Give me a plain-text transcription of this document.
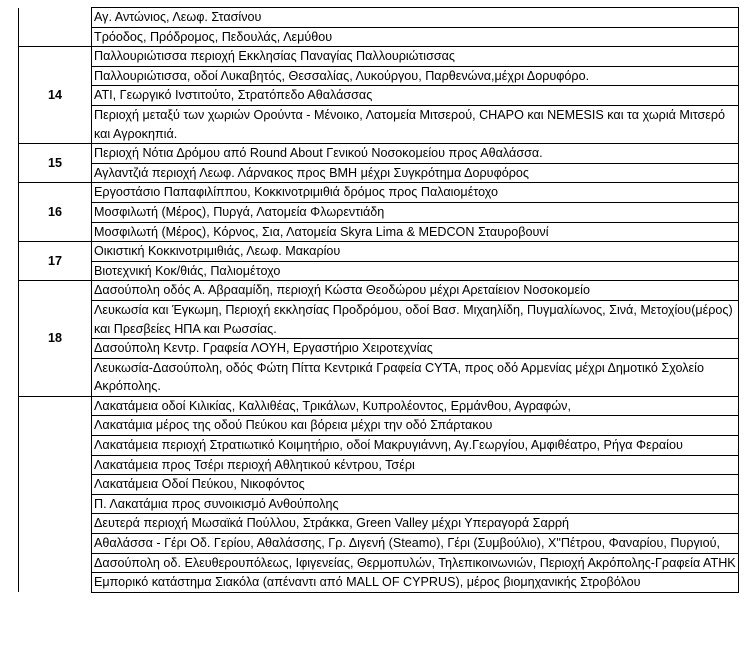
	Αγ. Αντώνιος, Λεωφ. Στασίνου
	Τρόοδος, Πρόδρομος, Πεδουλάς, Λεμύθου
14	Παλλουριώτισσα περιοχή Εκκλησίας Παναγίας Παλλουριώτισσας
	Παλλουριώτισσα, οδοί Λυκαβητός, Θεσσαλίας, Λυκούργου, Παρθενώνα,μέχρι Δορυφόρο.
	ΑΤΙ, Γεωργικό Ινστιτούτο, Στρατόπεδο Αθαλάσσας
	Περιοχή μεταξύ των χωριών Ορούντα - Μένοικο, Λατομεία Μιτσερού, CHAPO και NEMESIS και τα χωριά Μιτσερό και Αγροκηπιά.
15	Περιοχή Νότια Δρόμου από Round About Γενικού Νοσοκομείου προς Αθαλάσσα.
	Αγλαντζιά περιοχή Λεωφ. Λάρνακος προς ΒΜΗ μέχρι Συγκρότημα Δορυφόρος
16	Εργοστάσιο Παπαφιλίππου, Κοκκινοτριμιθιά δρόμος προς Παλαιομέτοχο
	Μοσφιλωτή (Μέρος), Πυργά, Λατομεία Φλωρεντιάδη
	Μοσφιλωτή (Μέρος), Κόρνος, Σια, Λατομεία Skyra Lima & MEDCON Σταυροβουνί
17	Οικιστική Κοκκινοτριμιθιάς, Λεωφ. Μακαρίου
	Βιοτεχνική Κοκ/θιάς, Παλιομέτοχο
18	Δασούπολη οδός Α. Αβρααμίδη, περιοχή Κώστα Θεοδώρου μέχρι Αρεταίειον Νοσοκομείο
	Λευκωσία και Έγκωμη, Περιοχή εκκλησίας Προδρόμου, οδοί Βασ. Μιχαηλίδη, Πυγμαλίωνος, Σινά, Μετοχίου(μέρος) και Πρεσβείες ΗΠΑ και Ρωσσίας.
	Δασούπολη Κεντρ. Γραφεία ΛΟΥΗ, Εργαστήριο Χειροτεχνίας
	Λευκωσία-Δασούπολη, οδός Φώτη Πίττα Κεντρικά Γραφεία CYTA, προς οδό Αρμενίας μέχρι Δημοτικό Σχολείο Ακρόπολης.
	Λακατάμεια οδοί Κιλικίας, Καλλιθέας, Τρικάλων, Κυπρολέοντος, Ερμάνθου, Αγραφών,
	Λακατάμια μέρος της οδού Πεύκου και βόρεια μέχρι την οδό Σπάρτακου
	Λακατάμεια περιοχή Στρατιωτικό Κοιμητήριο, οδοί Μακρυγιάννη, Αγ.Γεωργίου, Αμφιθέατρο, Ρήγα Φεραίου
	Λακατάμεια προς Τσέρι περιοχή Αθλητικού κέντρου, Τσέρι
	Λακατάμεια Οδοί Πεύκου, Νικοφόντος
	Π. Λακατάμια προς συνοικισμό Ανθούπολης
	Δευτερά περιοχή Μωσαϊκά Πούλλου, Στράκκα, Green Valley μέχρι Υπεραγορά Σαρρή
	Αθαλάσσα - Γέρι Οδ. Γερίου, Αθαλάσσης, Γρ. Διγενή (Steamo), Γέρι (Συμβούλιο), Χ"Πέτρου, Φαναρίου, Πυργιού,
	Δασούπολη οδ. Ελευθερουπόλεως, Ιφιγενείας, Θερμοπυλών, Τηλεπικοινωνιών, Περιοχή Ακρόπολης-Γραφεία ΑΤΗΚ
	Εμπορικό κατάστημα Σιακόλα (απέναντι από MALL OF CYPRUS), μέρος βιομηχανικής Στροβόλου
